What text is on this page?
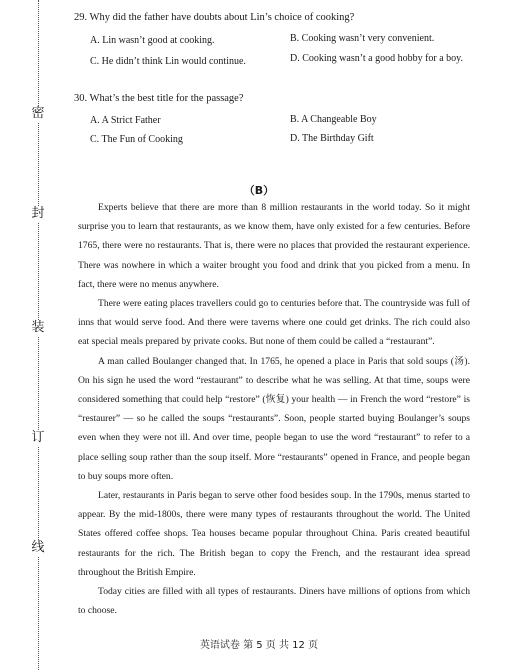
密
封
装
订
线
29. Why did the father have doubts about Lin’s choice of cooking?
A. Lin wasn’t good at cooking.	B. Cooking wasn’t very convenient.
C. He didn’t think Lin would continue.	D. Cooking wasn’t a good hobby for a boy.
30. What’s the best title for the passage?
A. A Strict Father	B. A Changeable Boy
C. The Fun of Cooking	D. The Birthday Gift
（B）

Experts believe that there are more than 8 million restaurants in the world today. So it might surprise you to learn that restaurants, as we know them, have only existed for a few centuries. Before 1765, there were no restaurants. That is, there were no places that provided the restaurant experience. There was nowhere in which a waiter brought you food and drink that you picked from a menu. In fact, there were no menus anywhere.

There were eating places travellers could go to centuries before that. The countryside was full of inns that would serve food. And there were taverns where one could get drinks. The rich could also eat special meals prepared by private cooks. But none of them could be called a “restaurant”.

A man called Boulanger changed that. In 1765, he opened a place in Paris that sold soups (汤). On his sign he used the word “restaurant” to describe what he was selling. At that time, soups were considered something that could help “restore” (恢复) your health — in French the word “restore” is “restaurer” — so he called the soups “restaurants”. Soon, people started buying Boulanger’s soups even when they were not ill. And over time, people began to use the word “restaurant” to refer to a place selling soup rather than the soup itself. More “restaurants” opened in France, and people began to buy soups more often.

Later, restaurants in Paris began to serve other food besides soup. In the 1790s, menus started to appear. By the mid-1800s, there were many types of restaurants throughout the world. The United States offered coffee shops. Tea houses became popular throughout China. Paris created beautiful restaurants for the rich. The British began to copy the French, and the restaurant idea spread throughout the British Empire.

Today cities are filled with all types of restaurants. Diners have millions of options from which to choose.

英语试卷 第 5 页 共 12 页
